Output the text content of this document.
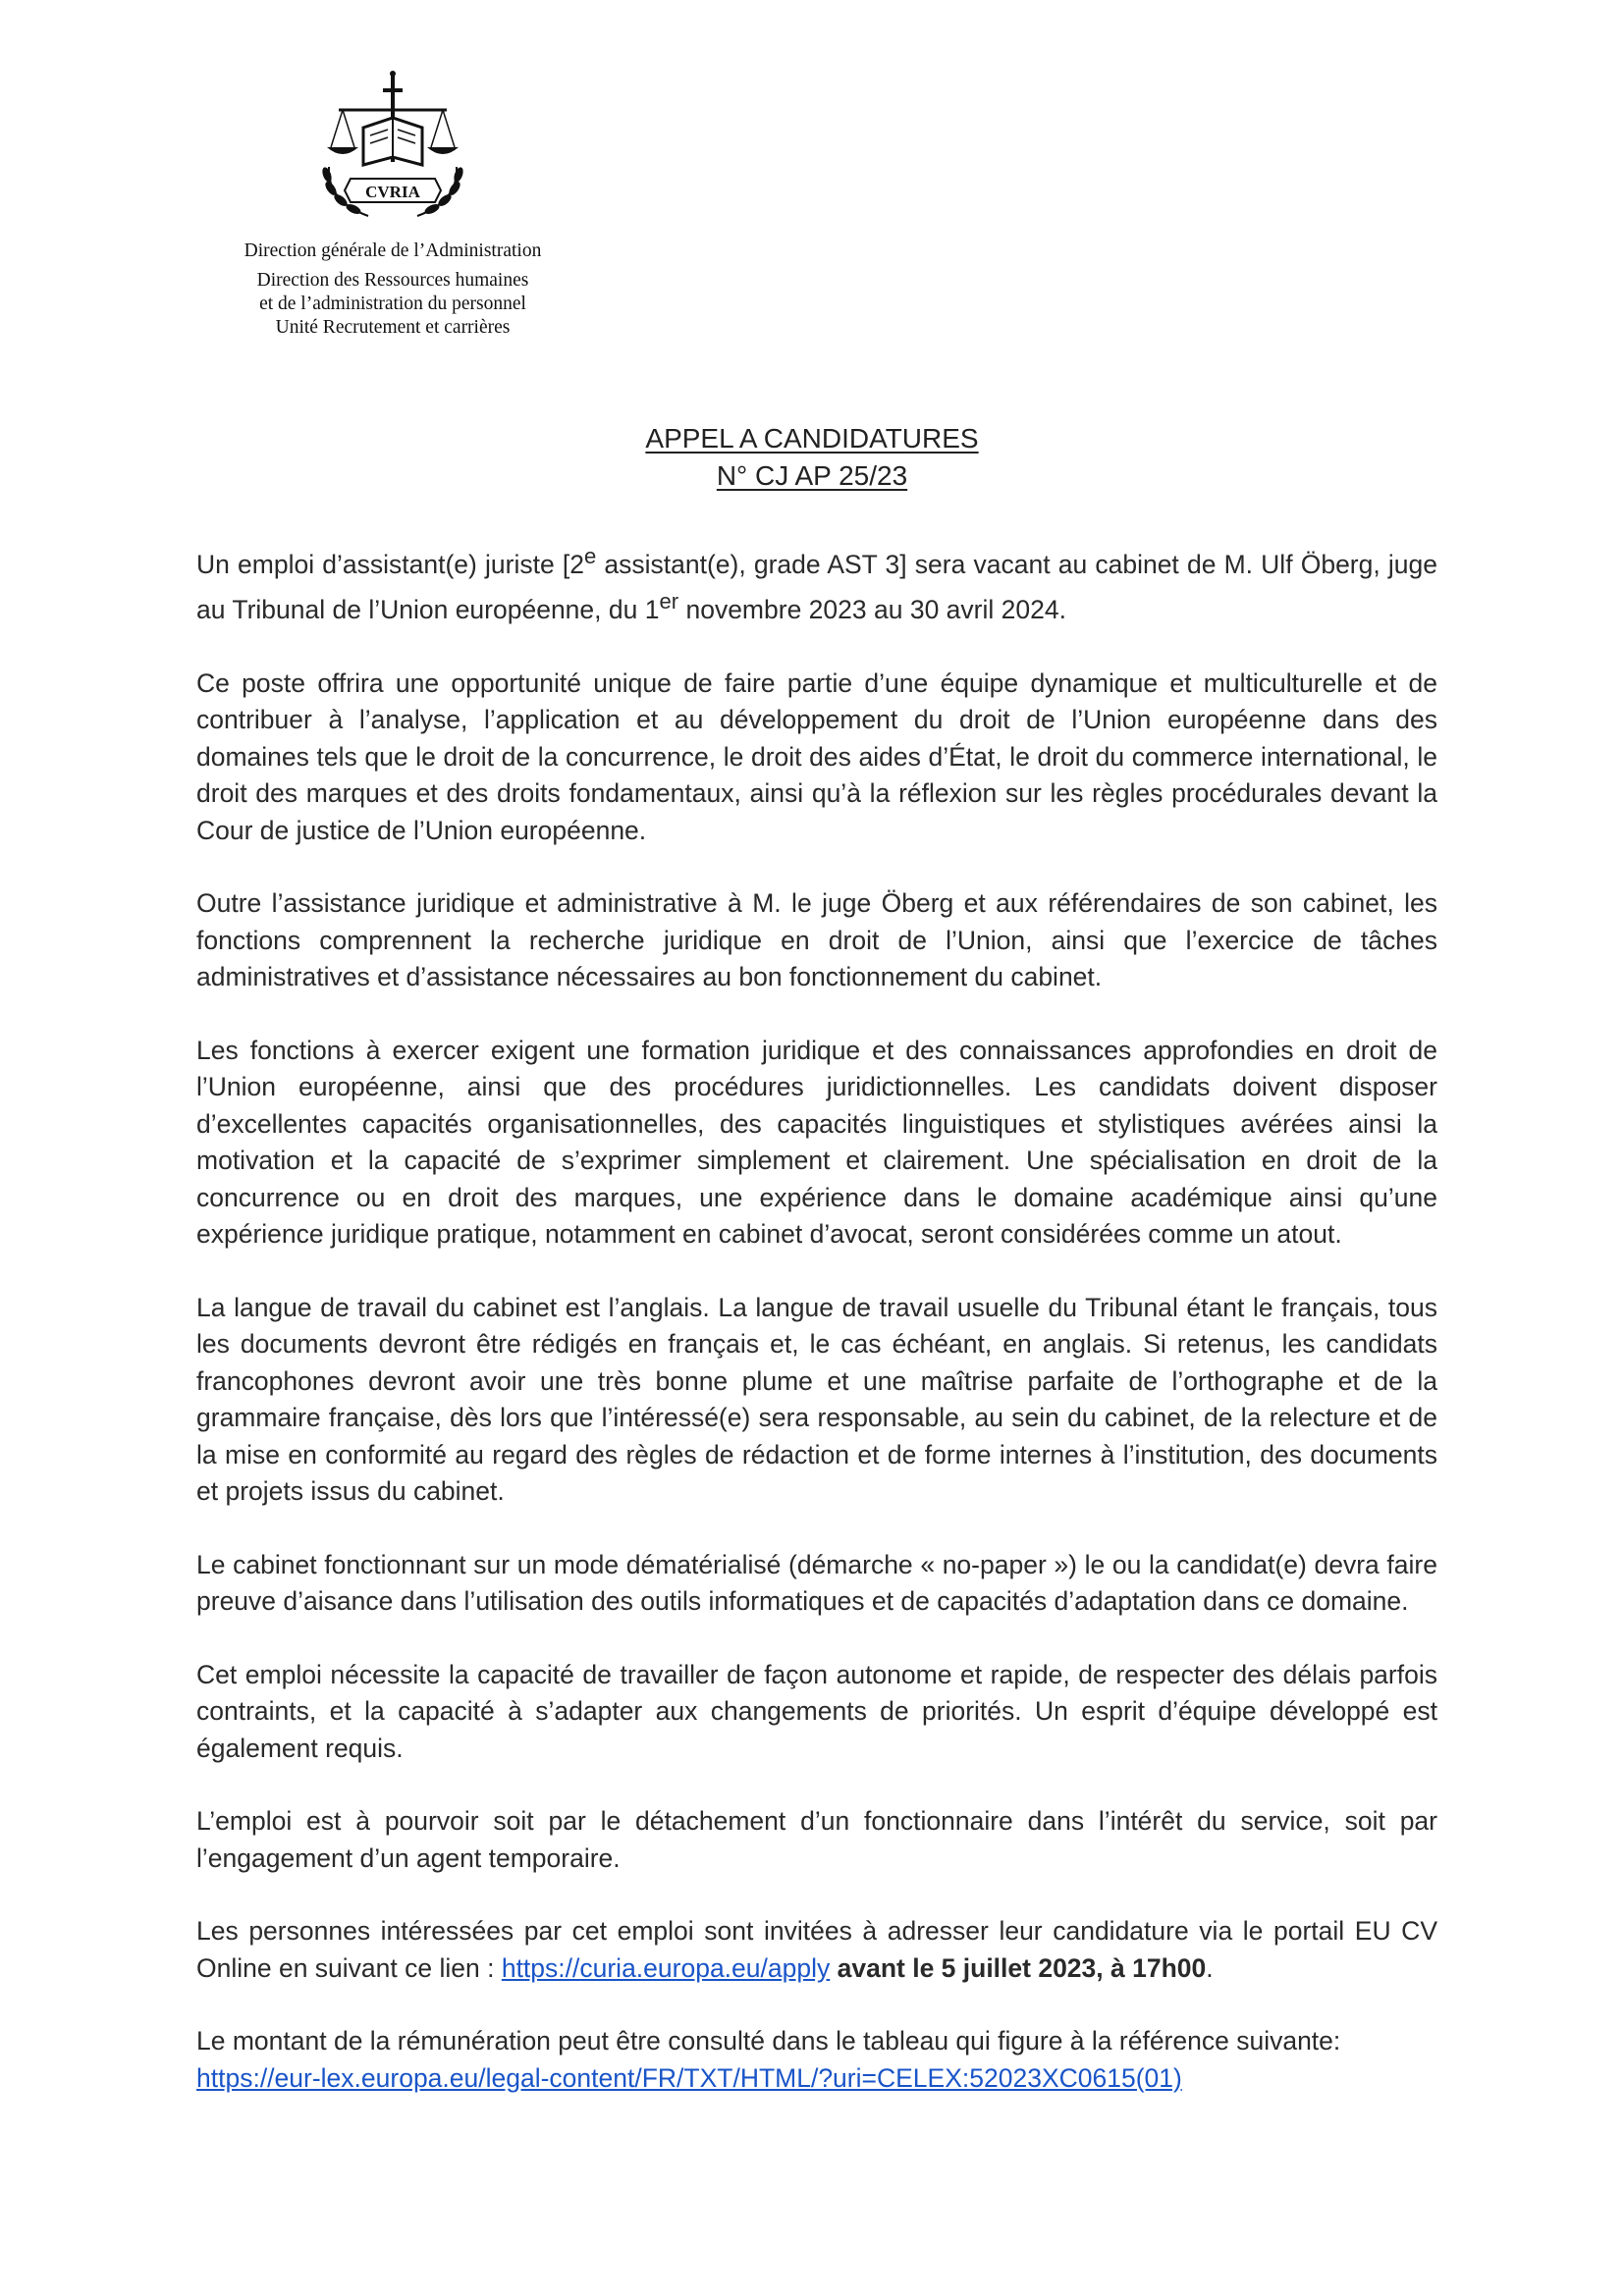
CVRIA
Direction générale de l’Administration
Direction des Ressources humaines
et de l’administration du personnel
Unité Recrutement et carrières
APPEL A CANDIDATURES
N° CJ AP 25/23

Un emploi d’assistant(e) juriste [2e assistant(e), grade AST 3] sera vacant au cabinet de M. Ulf Öberg, juge au Tribunal de l’Union européenne, du 1er novembre 2023 au 30 avril 2024.

Ce poste offrira une opportunité unique de faire partie d’une équipe dynamique et multiculturelle et de contribuer à l’analyse, l’application et au développement du droit de l’Union européenne dans des domaines tels que le droit de la concurrence, le droit des aides d’État, le droit du commerce international, le droit des marques et des droits fondamentaux, ainsi qu’à la réflexion sur les règles procédurales devant la Cour de justice de l’Union européenne.

Outre l’assistance juridique et administrative à M. le juge Öberg et aux référendaires de son cabinet, les fonctions comprennent la recherche juridique en droit de l’Union, ainsi que l’exercice de tâches administratives et d’assistance nécessaires au bon fonctionnement du cabinet.

Les fonctions à exercer exigent une formation juridique et des connaissances approfondies en droit de l’Union européenne, ainsi que des procédures juridictionnelles. Les candidats doivent disposer d’excellentes capacités organisationnelles, des capacités linguistiques et stylistiques avérées ainsi la motivation et la capacité de s’exprimer simplement et clairement. Une spécialisation en droit de la concurrence ou en droit des marques, une expérience dans le domaine académique ainsi qu’une expérience juridique pratique, notamment en cabinet d’avocat, seront considérées comme un atout.

La langue de travail du cabinet est l’anglais. La langue de travail usuelle du Tribunal étant le français, tous les documents devront être rédigés en français et, le cas échéant, en anglais. Si retenus, les candidats francophones devront avoir une très bonne plume et une maîtrise parfaite de l’orthographe et de la grammaire française, dès lors que l’intéressé(e) sera responsable, au sein du cabinet, de la relecture et de la mise en conformité au regard des règles de rédaction et de forme internes à l’institution, des documents et projets issus du cabinet.

Le cabinet fonctionnant sur un mode dématérialisé (démarche « no-paper ») le ou la candidat(e) devra faire preuve d’aisance dans l’utilisation des outils informatiques et de capacités d’adaptation dans ce domaine.

Cet emploi nécessite la capacité de travailler de façon autonome et rapide, de respecter des délais parfois contraints, et la capacité à s’adapter aux changements de priorités. Un esprit d’équipe développé est également requis.

L’emploi est à pourvoir soit par le détachement d’un fonctionnaire dans l’intérêt du service, soit par l’engagement d’un agent temporaire.

Les personnes intéressées par cet emploi sont invitées à adresser leur candidature via le portail EU CV Online en suivant ce lien : https://curia.europa.eu/apply avant le 5 juillet 2023, à 17h00.

Le montant de la rémunération peut être consulté dans le tableau qui figure à la référence suivante:
https://eur-lex.europa.eu/legal-content/FR/TXT/HTML/?uri=CELEX:52023XC0615(01)
